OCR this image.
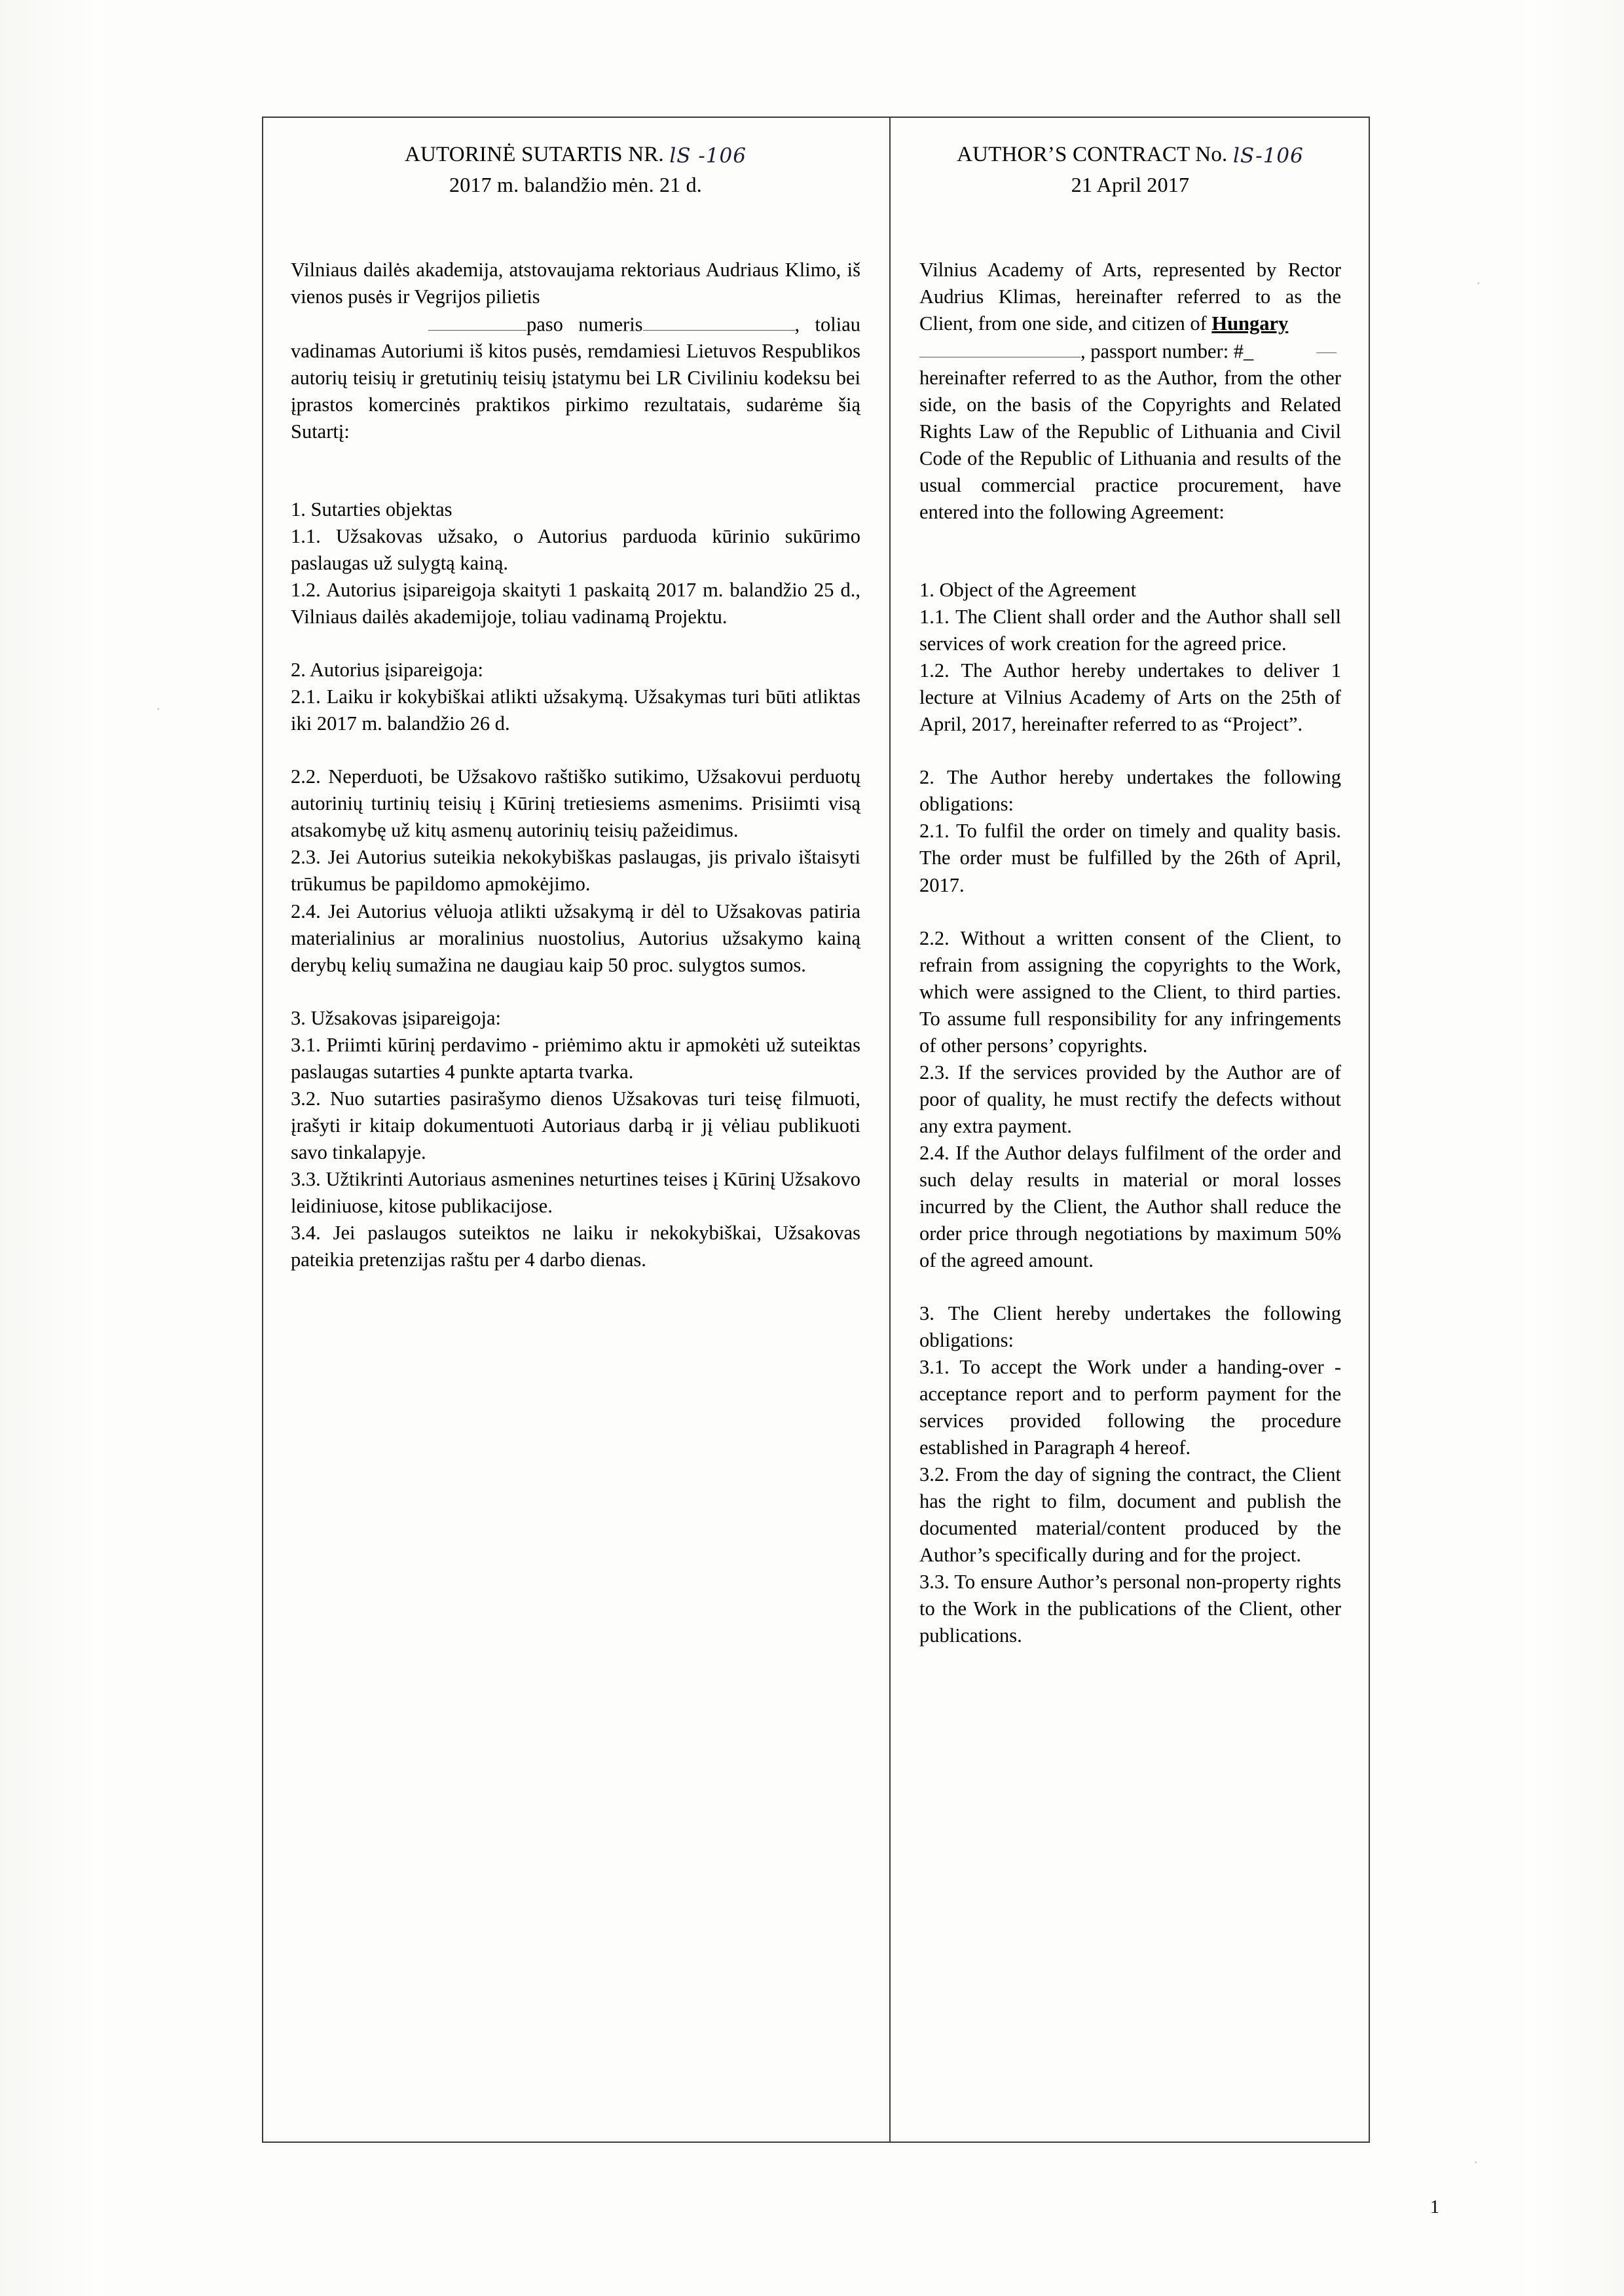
·
·
·
AUTORINĖ SUTARTIS NR. lS -106
2017 m. balandžio mėn. 21 d.

Vilniaus dailės akademija, atstovaujama rektoriaus Audriaus Klimo, iš vienos pusės ir Vegrijos pilietis

paso numeris	, toliau vadinamas Autoriumi iš kitos pusės, remdamiesi Lietuvos Respublikos autorių teisių ir gretutinių teisių įstatymu bei LR Civiliniu kodeksu bei įprastos komercinės praktikos pirkimo rezultatais, sudarėme šią Sutartį:

1. Sutarties objektas

1.1. Užsakovas užsako, o Autorius parduoda kūrinio sukūrimo paslaugas už sulygtą kainą.

1.2. Autorius įsipareigoja skaityti 1 paskaitą 2017 m. balandžio 25 d., Vilniaus dailės akademijoje, toliau vadinamą Projektu.

2. Autorius įsipareigoja:

2.1. Laiku ir kokybiškai atlikti užsakymą. Užsakymas turi būti atliktas iki 2017 m. balandžio 26 d.

2.2. Neperduoti, be Užsakovo raštiško sutikimo, Užsakovui perduotų autorinių turtinių teisių į Kūrinį tretiesiems asmenims. Prisiimti visą atsakomybę už kitų asmenų autorinių teisių pažeidimus.

2.3. Jei Autorius suteikia nekokybiškas paslaugas, jis privalo ištaisyti trūkumus be papildomo apmokėjimo.

2.4. Jei Autorius vėluoja atlikti užsakymą ir dėl to Užsakovas patiria materialinius ar moralinius nuostolius, Autorius užsakymo kainą derybų kelių sumažina ne daugiau kaip 50 proc. sulygtos sumos.

3. Užsakovas įsipareigoja:

3.1. Priimti kūrinį perdavimo - priėmimo aktu ir apmokėti už suteiktas paslaugas sutarties 4 punkte aptarta tvarka.

3.2. Nuo sutarties pasirašymo dienos Užsakovas turi teisę filmuoti, įrašyti ir kitaip dokumentuoti Autoriaus darbą ir jį vėliau publikuoti savo tinkalapyje.

3.3. Užtikrinti Autoriaus asmenines neturtines teises į Kūrinį Užsakovo leidiniuose, kitose publikacijose.

3.4. Jei paslaugos suteiktos ne laiku ir nekokybiškai, Užsakovas pateikia pretenzijas raštu per 4 darbo dienas.

AUTHOR’S CONTRACT No. lS-106
21 April 2017

Vilnius Academy of Arts, represented by Rector Audrius Klimas, hereinafter referred to as the Client, from one side, and citizen of Hungary

, passport number: #_	—

hereinafter referred to as the Author, from the other side, on the basis of the Copyrights and Related Rights Law of the Republic of Lithuania and Civil Code of the Republic of Lithuania and results of the usual commercial practice procurement, have entered into the following Agreement:

1. Object of the Agreement

1.1. The Client shall order and the Author shall sell services of work creation for the agreed price.

1.2. The Author hereby undertakes to deliver 1 lecture at Vilnius Academy of Arts on the 25th of April, 2017, hereinafter referred to as “Project”.

2. The Author hereby undertakes the following obligations:

2.1. To fulfil the order on timely and quality basis. The order must be fulfilled by the 26th of April, 2017.

2.2. Without a written consent of the Client, to refrain from assigning the copyrights to the Work, which were assigned to the Client, to third parties. To assume full responsibility for any infringements of other persons’ copyrights.

2.3. If the services provided by the Author are of poor of quality, he must rectify the defects without any extra payment.

2.4. If the Author delays fulfilment of the order and such delay results in material or moral losses incurred by the Client, the Author shall reduce the order price through negotiations by maximum 50% of the agreed amount.

3. The Client hereby undertakes the following obligations:

3.1. To accept the Work under a handing-over - acceptance report and to perform payment for the services provided following the procedure established in Paragraph 4 hereof.

3.2. From the day of signing the contract, the Client has the right to film, document and publish the documented material/content produced by the Author’s specifically during and for the project.

3.3. To ensure Author’s personal non-property rights to the Work in the publications of the Client, other publications.

1
